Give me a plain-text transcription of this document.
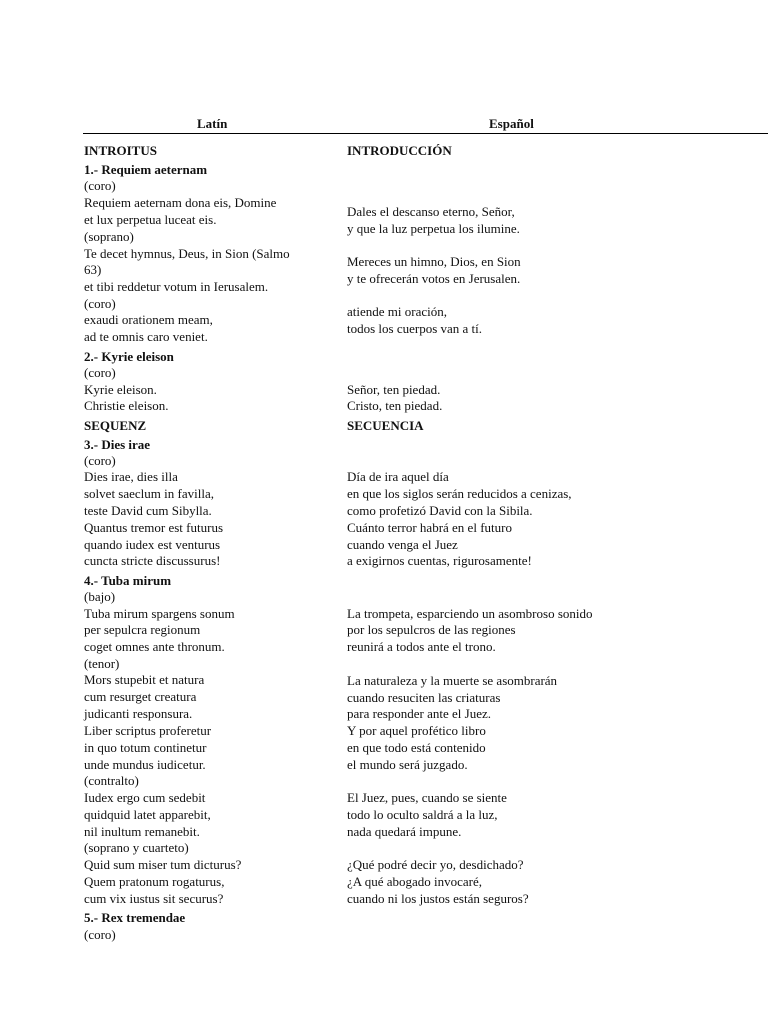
Latín	Español
INTROITUS
1.- Requiem aeternam
(coro)
Requiem aeternam dona eis, Domine
et lux perpetua luceat eis.
(soprano)
Te decet hymnus, Deus, in Sion (Salmo
63)
et tibi reddetur votum in Ierusalem.
(coro)
exaudi orationem meam,
ad te omnis caro veniet.
2.- Kyrie eleison
(coro)
Kyrie eleison.
Christie eleison.
SEQUENZ
3.- Dies irae
(coro)
Dies irae, dies illa
solvet saeclum in favilla,
teste David cum Sibylla.
Quantus tremor est futurus
quando iudex est venturus
cuncta stricte discussurus!
4.- Tuba mirum
(bajo)
Tuba mirum spargens sonum
per sepulcra regionum
coget omnes ante thronum.
(tenor)
Mors stupebit et natura
cum resurget creatura
judicanti responsura.
Liber scriptus proferetur
in quo totum continetur
unde mundus iudicetur.
(contralto)
Iudex ergo cum sedebit
quidquid latet apparebit,
nil inultum remanebit.
(soprano y cuarteto)
Quid sum miser tum dicturus?
Quem pratonum rogaturus,
cum vix iustus sit securus?
5.- Rex tremendae
(coro)
INTRODUCCIÓN
Dales el descanso eterno, Señor,
y que la luz perpetua los ilumine.
Mereces un himno, Dios, en Sion
y te ofrecerán votos en Jerusalen.
atiende mi oración,
todos los cuerpos van a tí.
Señor, ten piedad.
Cristo, ten piedad.
SECUENCIA
Día de ira aquel día
en que los siglos serán reducidos a cenizas,
como profetizó David con la Sibila.
Cuánto terror habrá en el futuro
cuando venga el Juez
a exigirnos cuentas, rigurosamente!
La trompeta, esparciendo un asombroso sonido
por los sepulcros de las regiones
reunirá a todos ante el trono.
La naturaleza y la muerte se asombrarán
cuando resuciten las criaturas
para responder ante el Juez.
Y por aquel profético libro
en que todo está contenido
el mundo será juzgado.
El Juez, pues, cuando se siente
todo lo oculto saldrá a la luz,
nada quedará impune.
¿Qué podré decir yo, desdichado?
¿A qué abogado invocaré,
cuando ni los justos están seguros?
